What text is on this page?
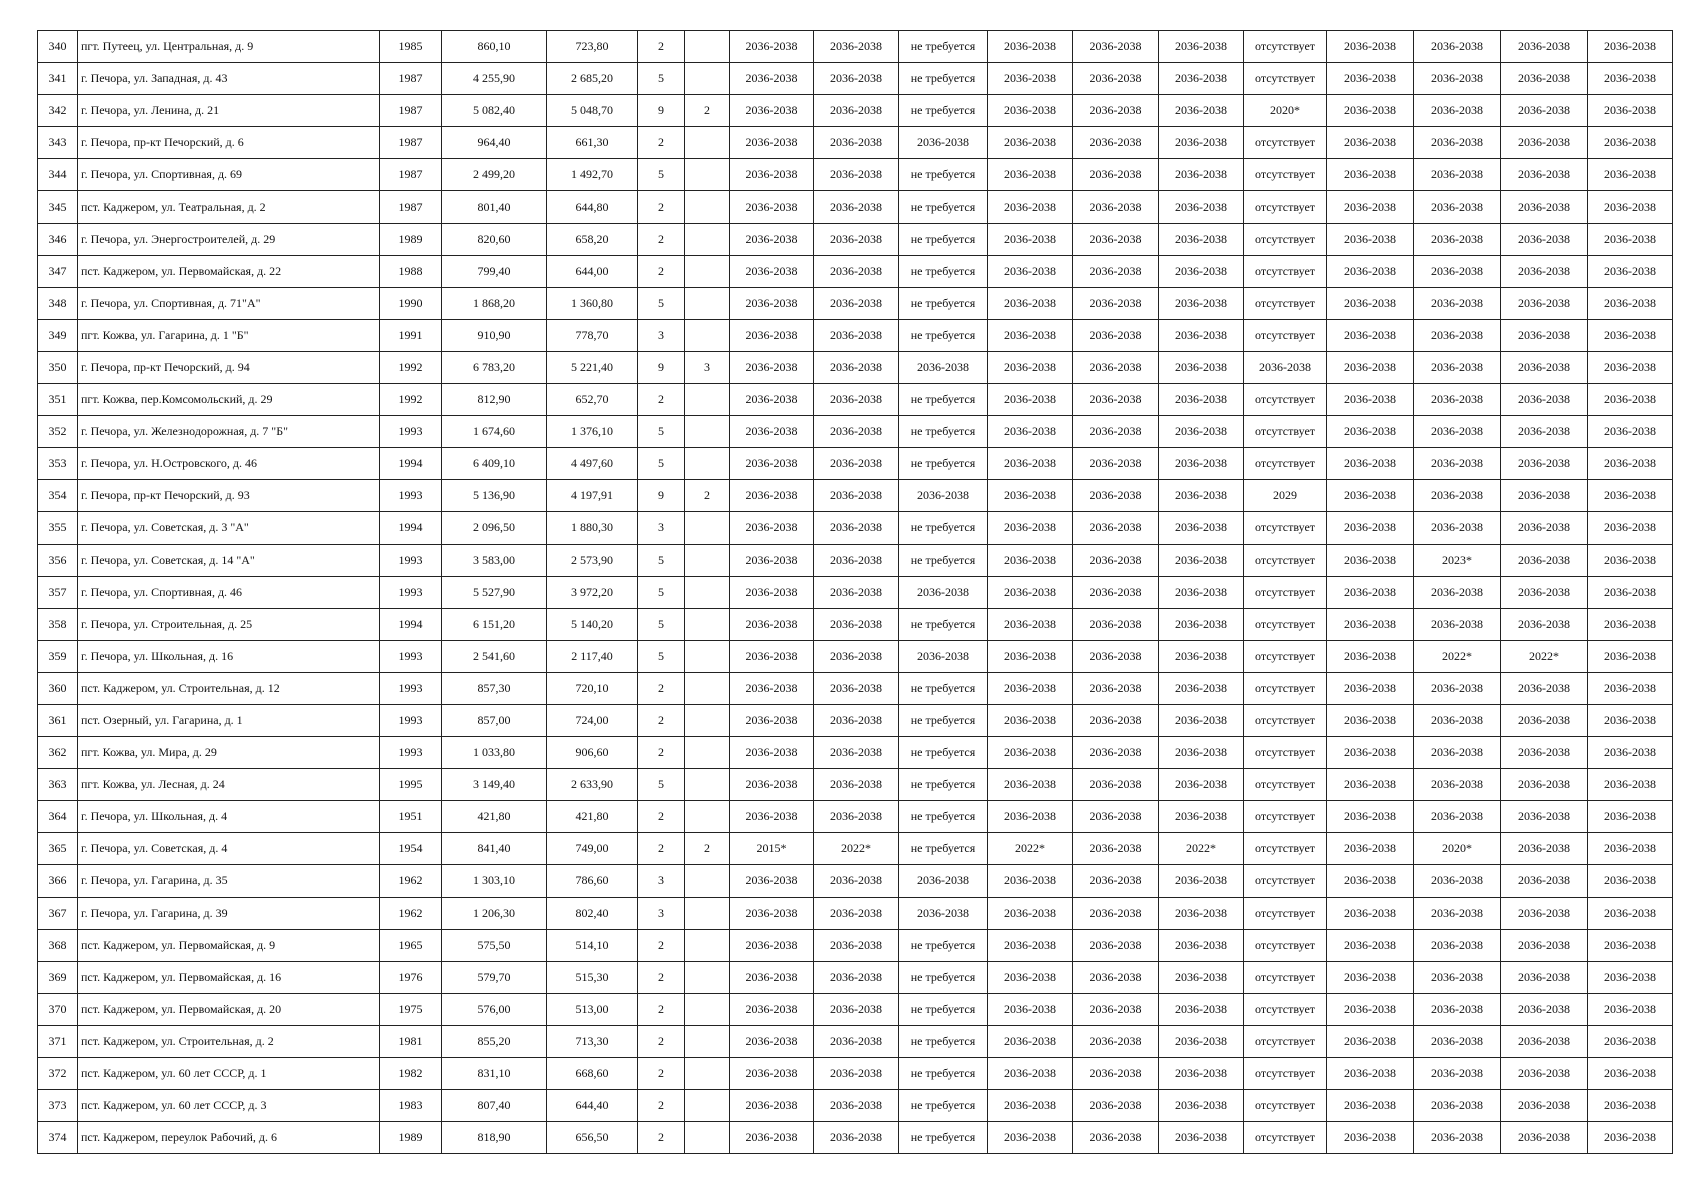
340	пгт. Путеец, ул. Центральная, д. 9	1985	860,10	723,80	2		2036-2038	2036-2038	не требуется	2036-2038	2036-2038	2036-2038	отсутствует	2036-2038	2036-2038	2036-2038	2036-2038
341	г. Печора, ул. Западная, д. 43	1987	4 255,90	2 685,20	5		2036-2038	2036-2038	не требуется	2036-2038	2036-2038	2036-2038	отсутствует	2036-2038	2036-2038	2036-2038	2036-2038
342	г. Печора, ул. Ленина, д. 21	1987	5 082,40	5 048,70	9	2	2036-2038	2036-2038	не требуется	2036-2038	2036-2038	2036-2038	2020*	2036-2038	2036-2038	2036-2038	2036-2038
343	г. Печора, пр-кт Печорский, д. 6	1987	964,40	661,30	2		2036-2038	2036-2038	2036-2038	2036-2038	2036-2038	2036-2038	отсутствует	2036-2038	2036-2038	2036-2038	2036-2038
344	г. Печора, ул. Спортивная, д. 69	1987	2 499,20	1 492,70	5		2036-2038	2036-2038	не требуется	2036-2038	2036-2038	2036-2038	отсутствует	2036-2038	2036-2038	2036-2038	2036-2038
345	пст. Каджером, ул. Театральная, д. 2	1987	801,40	644,80	2		2036-2038	2036-2038	не требуется	2036-2038	2036-2038	2036-2038	отсутствует	2036-2038	2036-2038	2036-2038	2036-2038
346	г. Печора, ул. Энергостроителей, д. 29	1989	820,60	658,20	2		2036-2038	2036-2038	не требуется	2036-2038	2036-2038	2036-2038	отсутствует	2036-2038	2036-2038	2036-2038	2036-2038
347	пст. Каджером, ул. Первомайская, д. 22	1988	799,40	644,00	2		2036-2038	2036-2038	не требуется	2036-2038	2036-2038	2036-2038	отсутствует	2036-2038	2036-2038	2036-2038	2036-2038
348	г. Печора, ул. Спортивная, д. 71"А"	1990	1 868,20	1 360,80	5		2036-2038	2036-2038	не требуется	2036-2038	2036-2038	2036-2038	отсутствует	2036-2038	2036-2038	2036-2038	2036-2038
349	пгт. Кожва, ул. Гагарина, д. 1 "Б"	1991	910,90	778,70	3		2036-2038	2036-2038	не требуется	2036-2038	2036-2038	2036-2038	отсутствует	2036-2038	2036-2038	2036-2038	2036-2038
350	г. Печора, пр-кт Печорский, д. 94	1992	6 783,20	5 221,40	9	3	2036-2038	2036-2038	2036-2038	2036-2038	2036-2038	2036-2038	2036-2038	2036-2038	2036-2038	2036-2038	2036-2038
351	пгт. Кожва, пер.Комсомольский, д. 29	1992	812,90	652,70	2		2036-2038	2036-2038	не требуется	2036-2038	2036-2038	2036-2038	отсутствует	2036-2038	2036-2038	2036-2038	2036-2038
352	г. Печора, ул. Железнодорожная, д. 7 "Б"	1993	1 674,60	1 376,10	5		2036-2038	2036-2038	не требуется	2036-2038	2036-2038	2036-2038	отсутствует	2036-2038	2036-2038	2036-2038	2036-2038
353	г. Печора, ул. Н.Островского, д. 46	1994	6 409,10	4 497,60	5		2036-2038	2036-2038	не требуется	2036-2038	2036-2038	2036-2038	отсутствует	2036-2038	2036-2038	2036-2038	2036-2038
354	г. Печора, пр-кт Печорский, д. 93	1993	5 136,90	4 197,91	9	2	2036-2038	2036-2038	2036-2038	2036-2038	2036-2038	2036-2038	2029	2036-2038	2036-2038	2036-2038	2036-2038
355	г. Печора, ул. Советская, д. 3 "А"	1994	2 096,50	1 880,30	3		2036-2038	2036-2038	не требуется	2036-2038	2036-2038	2036-2038	отсутствует	2036-2038	2036-2038	2036-2038	2036-2038
356	г. Печора, ул. Советская, д. 14 "А"	1993	3 583,00	2 573,90	5		2036-2038	2036-2038	не требуется	2036-2038	2036-2038	2036-2038	отсутствует	2036-2038	2023*	2036-2038	2036-2038
357	г. Печора, ул. Спортивная, д. 46	1993	5 527,90	3 972,20	5		2036-2038	2036-2038	2036-2038	2036-2038	2036-2038	2036-2038	отсутствует	2036-2038	2036-2038	2036-2038	2036-2038
358	г. Печора, ул. Строительная, д. 25	1994	6 151,20	5 140,20	5		2036-2038	2036-2038	не требуется	2036-2038	2036-2038	2036-2038	отсутствует	2036-2038	2036-2038	2036-2038	2036-2038
359	г. Печора, ул. Школьная, д. 16	1993	2 541,60	2 117,40	5		2036-2038	2036-2038	2036-2038	2036-2038	2036-2038	2036-2038	отсутствует	2036-2038	2022*	2022*	2036-2038
360	пст. Каджером, ул. Строительная, д. 12	1993	857,30	720,10	2		2036-2038	2036-2038	не требуется	2036-2038	2036-2038	2036-2038	отсутствует	2036-2038	2036-2038	2036-2038	2036-2038
361	пст. Озерный, ул. Гагарина, д. 1	1993	857,00	724,00	2		2036-2038	2036-2038	не требуется	2036-2038	2036-2038	2036-2038	отсутствует	2036-2038	2036-2038	2036-2038	2036-2038
362	пгт. Кожва, ул. Мира, д. 29	1993	1 033,80	906,60	2		2036-2038	2036-2038	не требуется	2036-2038	2036-2038	2036-2038	отсутствует	2036-2038	2036-2038	2036-2038	2036-2038
363	пгт. Кожва, ул. Лесная, д. 24	1995	3 149,40	2 633,90	5		2036-2038	2036-2038	не требуется	2036-2038	2036-2038	2036-2038	отсутствует	2036-2038	2036-2038	2036-2038	2036-2038
364	г. Печора, ул. Школьная, д. 4	1951	421,80	421,80	2		2036-2038	2036-2038	не требуется	2036-2038	2036-2038	2036-2038	отсутствует	2036-2038	2036-2038	2036-2038	2036-2038
365	г. Печора, ул. Советская, д. 4	1954	841,40	749,00	2	2	2015*	2022*	не требуется	2022*	2036-2038	2022*	отсутствует	2036-2038	2020*	2036-2038	2036-2038
366	г. Печора, ул. Гагарина, д. 35	1962	1 303,10	786,60	3		2036-2038	2036-2038	2036-2038	2036-2038	2036-2038	2036-2038	отсутствует	2036-2038	2036-2038	2036-2038	2036-2038
367	г. Печора, ул. Гагарина, д. 39	1962	1 206,30	802,40	3		2036-2038	2036-2038	2036-2038	2036-2038	2036-2038	2036-2038	отсутствует	2036-2038	2036-2038	2036-2038	2036-2038
368	пст. Каджером, ул. Первомайская, д. 9	1965	575,50	514,10	2		2036-2038	2036-2038	не требуется	2036-2038	2036-2038	2036-2038	отсутствует	2036-2038	2036-2038	2036-2038	2036-2038
369	пст. Каджером, ул. Первомайская, д. 16	1976	579,70	515,30	2		2036-2038	2036-2038	не требуется	2036-2038	2036-2038	2036-2038	отсутствует	2036-2038	2036-2038	2036-2038	2036-2038
370	пст. Каджером, ул. Первомайская, д. 20	1975	576,00	513,00	2		2036-2038	2036-2038	не требуется	2036-2038	2036-2038	2036-2038	отсутствует	2036-2038	2036-2038	2036-2038	2036-2038
371	пст. Каджером, ул. Строительная, д. 2	1981	855,20	713,30	2		2036-2038	2036-2038	не требуется	2036-2038	2036-2038	2036-2038	отсутствует	2036-2038	2036-2038	2036-2038	2036-2038
372	пст. Каджером, ул. 60 лет СССР, д. 1	1982	831,10	668,60	2		2036-2038	2036-2038	не требуется	2036-2038	2036-2038	2036-2038	отсутствует	2036-2038	2036-2038	2036-2038	2036-2038
373	пст. Каджером, ул. 60 лет СССР, д. 3	1983	807,40	644,40	2		2036-2038	2036-2038	не требуется	2036-2038	2036-2038	2036-2038	отсутствует	2036-2038	2036-2038	2036-2038	2036-2038
374	пст. Каджером, переулок Рабочий, д. 6	1989	818,90	656,50	2		2036-2038	2036-2038	не требуется	2036-2038	2036-2038	2036-2038	отсутствует	2036-2038	2036-2038	2036-2038	2036-2038
